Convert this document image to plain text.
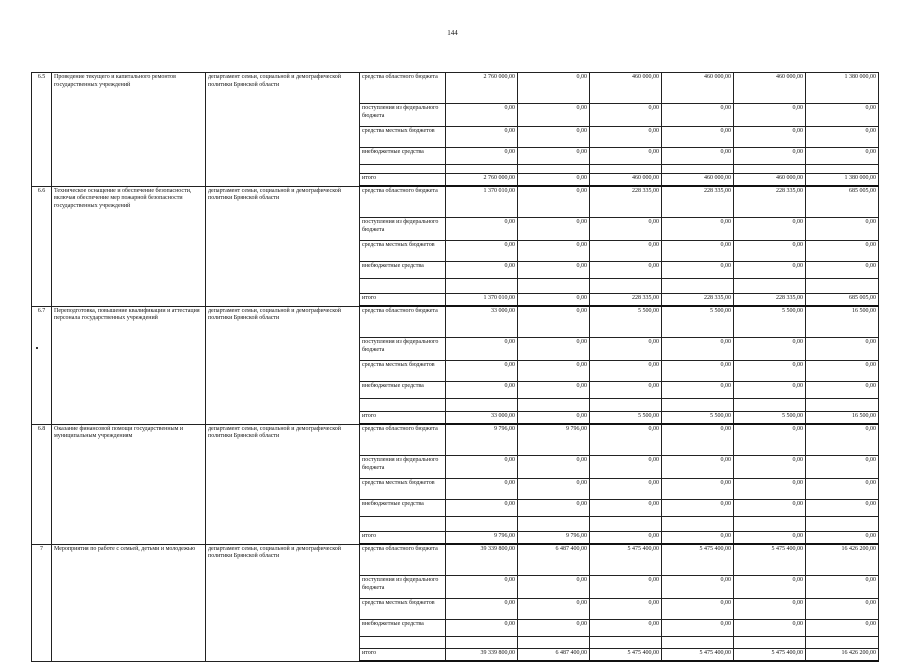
144
6.5	Проведение текущего и капитального ремонтов государственных учреждений	департамент семьи, социальной и демографической политики Брянской области	средства областного бюджета	2 760 000,00	0,00	460 000,00	460 000,00	460 000,00	1 380 000,00	
			поступления из федерального бюджета	0,00	0,00	0,00	0,00	0,00	0,00	
			средства местных бюджетов	0,00	0,00	0,00	0,00	0,00	0,00	
			внебюджетные средства	0,00	0,00	0,00	0,00	0,00	0,00	

			итого	2 760 000,00	0,00	460 000,00	460 000,00	460 000,00	1 380 000,00	
6.6	Техническое оснащение и обеспечение безопасности, включая обеспечение мер пожарной безопасности государственных учреждений	департамент семьи, социальной и демографической политики Брянской области	средства областного бюджета	1 370 010,00	0,00	228 335,00	228 335,00	228 335,00	685 005,00	
			поступления из федерального бюджета	0,00	0,00	0,00	0,00	0,00	0,00	
			средства местных бюджетов	0,00	0,00	0,00	0,00	0,00	0,00	
			внебюджетные средства	0,00	0,00	0,00	0,00	0,00	0,00	

			итого	1 370 010,00	0,00	228 335,00	228 335,00	228 335,00	685 005,00	
6.7	Переподготовка, повышение квалификации и аттестация персонала государственных учреждений	департамент семьи, социальной и демографической политики Брянской области	средства областного бюджета	33 000,00	0,00	5 500,00	5 500,00	5 500,00	16 500,00	
			поступления из федерального бюджета	0,00	0,00	0,00	0,00	0,00	0,00	
			средства местных бюджетов	0,00	0,00	0,00	0,00	0,00	0,00	
			внебюджетные средства	0,00	0,00	0,00	0,00	0,00	0,00	

			итого	33 000,00	0,00	5 500,00	5 500,00	5 500,00	16 500,00	
6.8	Оказание финансовой помощи государственным и муниципальным учреждениям	департамент семьи, социальной и демографической политики Брянской области	средства областного бюджета	9 796,00	9 796,00	0,00	0,00	0,00	0,00	
			поступления из федерального бюджета	0,00	0,00	0,00	0,00	0,00	0,00	
			средства местных бюджетов	0,00	0,00	0,00	0,00	0,00	0,00	
			внебюджетные средства	0,00	0,00	0,00	0,00	0,00	0,00	

			итого	9 796,00	9 796,00	0,00	0,00	0,00	0,00	
7	Мероприятия по работе с семьей, детьми и молодежью	департамент семьи, социальной и демографической политики Брянской области	средства областного бюджета	39 339 800,00	6 487 400,00	5 475 400,00	5 475 400,00	5 475 400,00	16 426 200,00	
			поступления из федерального бюджета	0,00	0,00	0,00	0,00	0,00	0,00	
			средства местных бюджетов	0,00	0,00	0,00	0,00	0,00	0,00	
			внебюджетные средства	0,00	0,00	0,00	0,00	0,00	0,00	

			итого	39 339 800,00	6 487 400,00	5 475 400,00	5 475 400,00	5 475 400,00	16 426 200,00	
